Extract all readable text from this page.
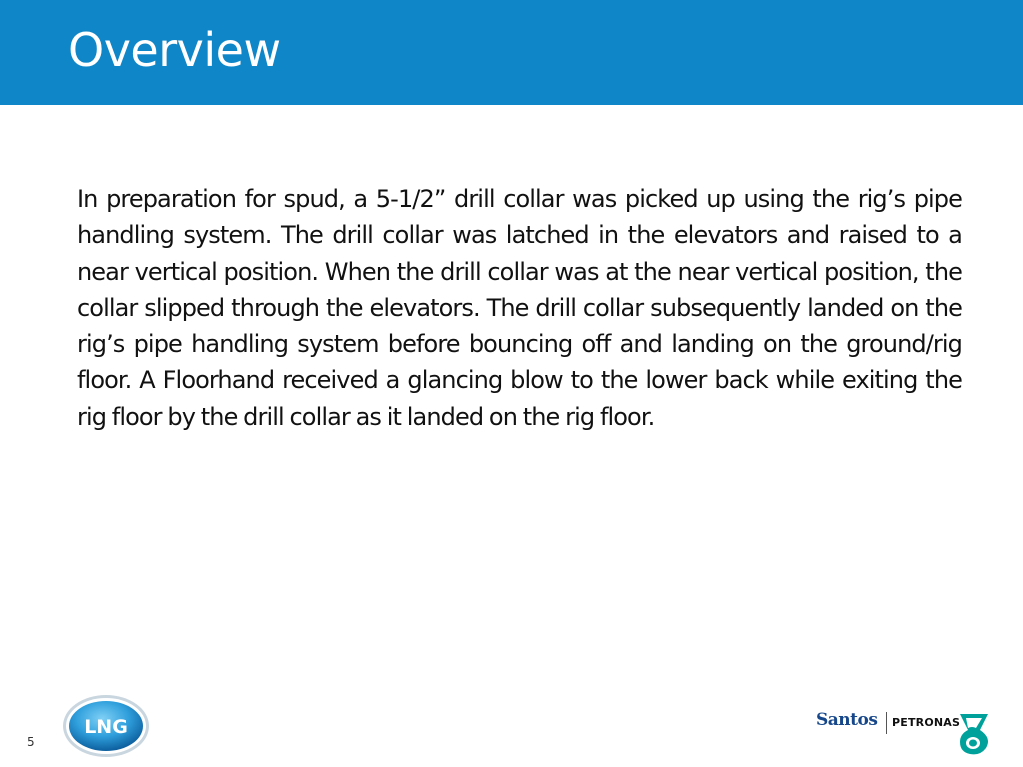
Overview

In preparation for spud, a 5-1/2” drill collar was picked up using the rig’s pipe handling system. The drill collar was latched in the elevators and raised to a near vertical position. When the drill collar was at the near vertical position, the collar slipped through the elevators. The drill collar subsequently landed on the rig’s pipe handling system before bouncing off and landing on the ground/rig floor. A Floorhand received a glancing blow to the lower back while exiting the rig floor by the drill collar as it landed on the rig floor.

5
LNG	Santos PETRONAS
